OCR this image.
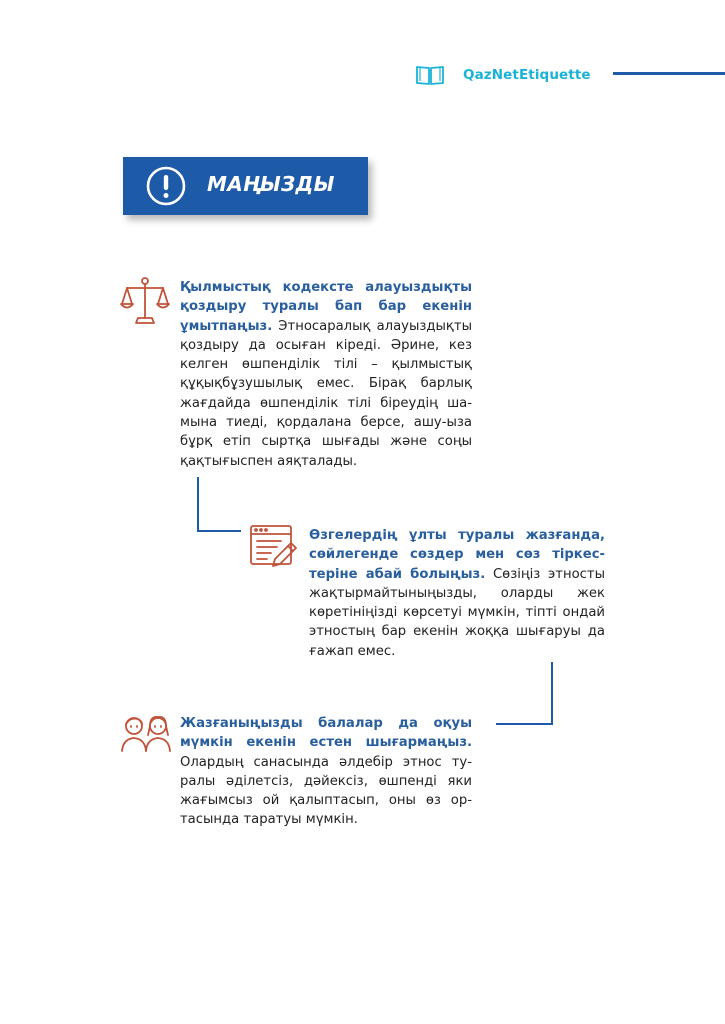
QazNetEtiquette
МАҢЫЗДЫ

Қылмыстық кодексте алауыздықты қоздыру туралы бап бар екенін ұмытпаңыз. Этносаралық алауыздықты қоздыру да осыған кіреді. Әрине, кез келген өшпенділік тілі – қылмыстық құқықбұзушылық емес. Бірақ барлық жағдайда өшпенділік тілі біреудің шамына тиеді, қордалана берсе, ашу-ыза бұрқ етіп сыртқа шығады және соңы қақтығыспен аяқталады.

Өзгелердің ұлты туралы жазғанда, сөйлегенде сөздер мен сөз тіркестеріне абай болыңыз. Сөзіңіз этносты жақтырмайтыныңызды, оларды жек көретініңізді көрсетуі мүмкін, тіпті ондай этностың бар екенін жоққа шығаруы да ғажап емес.

Жазғаныңызды балалар да оқуы мүмкін екенін естен шығармаңыз. Олардың санасында әлдебір этнос туралы әділетсіз, дәйексіз, өшпенді яки жағымсыз ой қалыптасып, оны өз ортасында таратуы мүмкін.
